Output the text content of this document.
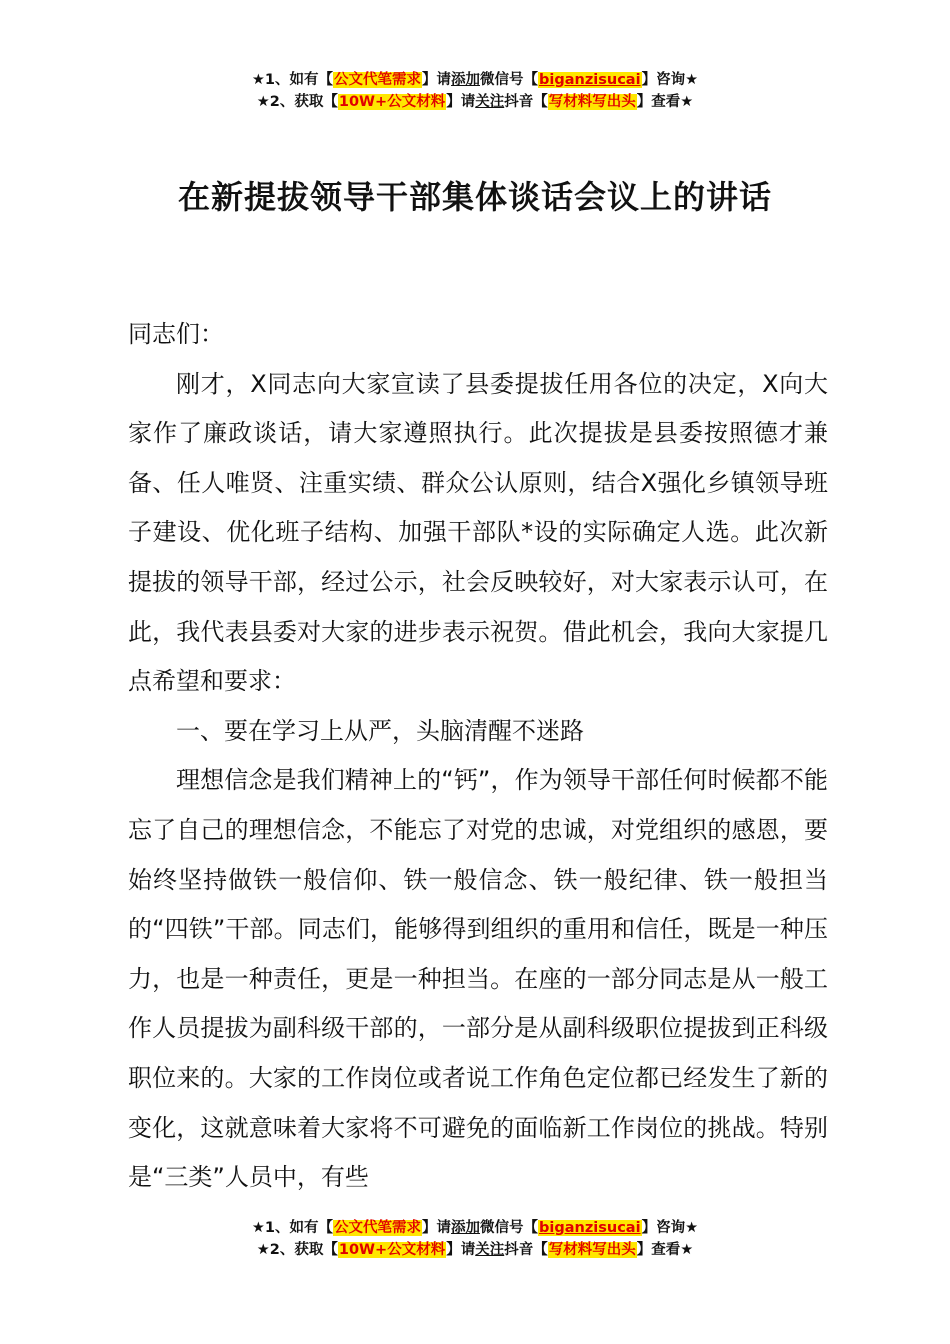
★1、如有【公文代笔需求】请添加微信号【biganzisucai】咨询★
★2、获取【10W+公文材料】请关注抖音【写材料写出头】查看★
在新提拔领导干部集体谈话会议上的讲话

同志们：

刚才，X同志向大家宣读了县委提拔任用各位的决定，X向大家作了廉政谈话，请大家遵照执行。此次提拔是县委按照德才兼备、任人唯贤、注重实绩、群众公认原则，结合X强化乡镇领导班子建设、优化班子结构、加强干部队*设的实际确定人选。此次新提拔的领导干部，经过公示，社会反映较好，对大家表示认可，在此，我代表县委对大家的进步表示祝贺。借此机会，我向大家提几点希望和要求：

一、要在学习上从严，头脑清醒不迷路

理想信念是我们精神上的“钙”，作为领导干部任何时候都不能忘了自己的理想信念，不能忘了对党的忠诚，对党组织的感恩，要始终坚持做铁一般信仰、铁一般信念、铁一般纪律、铁一般担当的“四铁”干部。同志们，能够得到组织的重用和信任，既是一种压力，也是一种责任，更是一种担当。在座的一部分同志是从一般工作人员提拔为副科级干部的，一部分是从副科级职位提拔到正科级职位来的。大家的工作岗位或者说工作角色定位都已经发生了新的变化，这就意味着大家将不可避免的面临新工作岗位的挑战。特别是“三类”人员中，有些

★1、如有【公文代笔需求】请添加微信号【biganzisucai】咨询★
★2、获取【10W+公文材料】请关注抖音【写材料写出头】查看★
